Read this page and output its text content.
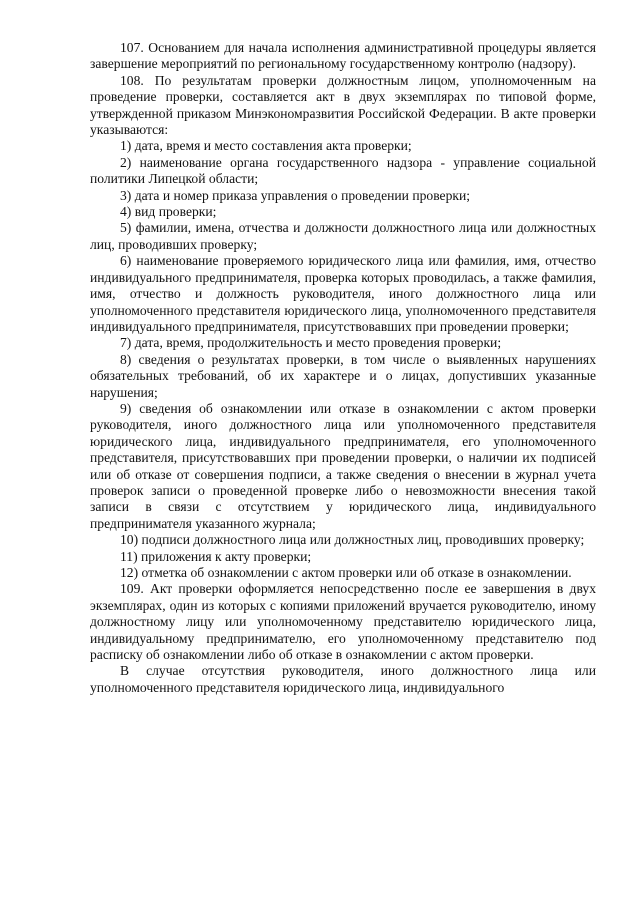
107. Основанием для начала исполнения административной процедуры является завершение мероприятий по региональному государственному контролю (надзору).

108. По результатам проверки должностным лицом, уполномоченным на проведение проверки, составляется акт в двух экземплярах по типовой форме, утвержденной приказом Минэкономразвития Российской Федерации. В акте проверки указываются:

1) дата, время и место составления акта проверки;

2) наименование органа государственного надзора - управление социальной политики Липецкой области;

3) дата и номер приказа управления о проведении проверки;

4) вид проверки;

5) фамилии, имена, отчества и должности должностного лица или должностных лиц, проводивших проверку;

6) наименование проверяемого юридического лица или фамилия, имя, отчество индивидуального предпринимателя, проверка которых проводилась, а также фамилия, имя, отчество и должность руководителя, иного должностного лица или уполномоченного представителя юридического лица, уполномоченного представителя индивидуального предпринимателя, присутствовавших при проведении проверки;

7) дата, время, продолжительность и место проведения проверки;

8) сведения о результатах проверки, в том числе о выявленных нарушениях обязательных требований, об их характере и о лицах, допустивших указанные нарушения;

9) сведения об ознакомлении или отказе в ознакомлении с актом проверки руководителя, иного должностного лица или уполномоченного представителя юридического лица, индивидуального предпринимателя, его уполномоченного представителя, присутствовавших при проведении проверки, о наличии их подписей или об отказе от совершения подписи, а также сведения о внесении в журнал учета проверок записи о проведенной проверке либо о невозможности внесения такой записи в связи с отсутствием у юридического лица, индивидуального предпринимателя указанного журнала;

10) подписи должностного лица или должностных лиц, проводивших проверку;

11) приложения к акту проверки;

12) отметка об ознакомлении с актом проверки или об отказе в ознакомлении.

109. Акт проверки оформляется непосредственно после ее завершения в двух экземплярах, один из которых с копиями приложений вручается руководителю, иному должностному лицу или уполномоченному представителю юридического лица, индивидуальному предпринимателю, его уполномоченному представителю под расписку об ознакомлении либо об отказе в ознакомлении с актом проверки.

В случае отсутствия руководителя, иного должностного лица или уполномоченного представителя юридического лица, индивидуального
